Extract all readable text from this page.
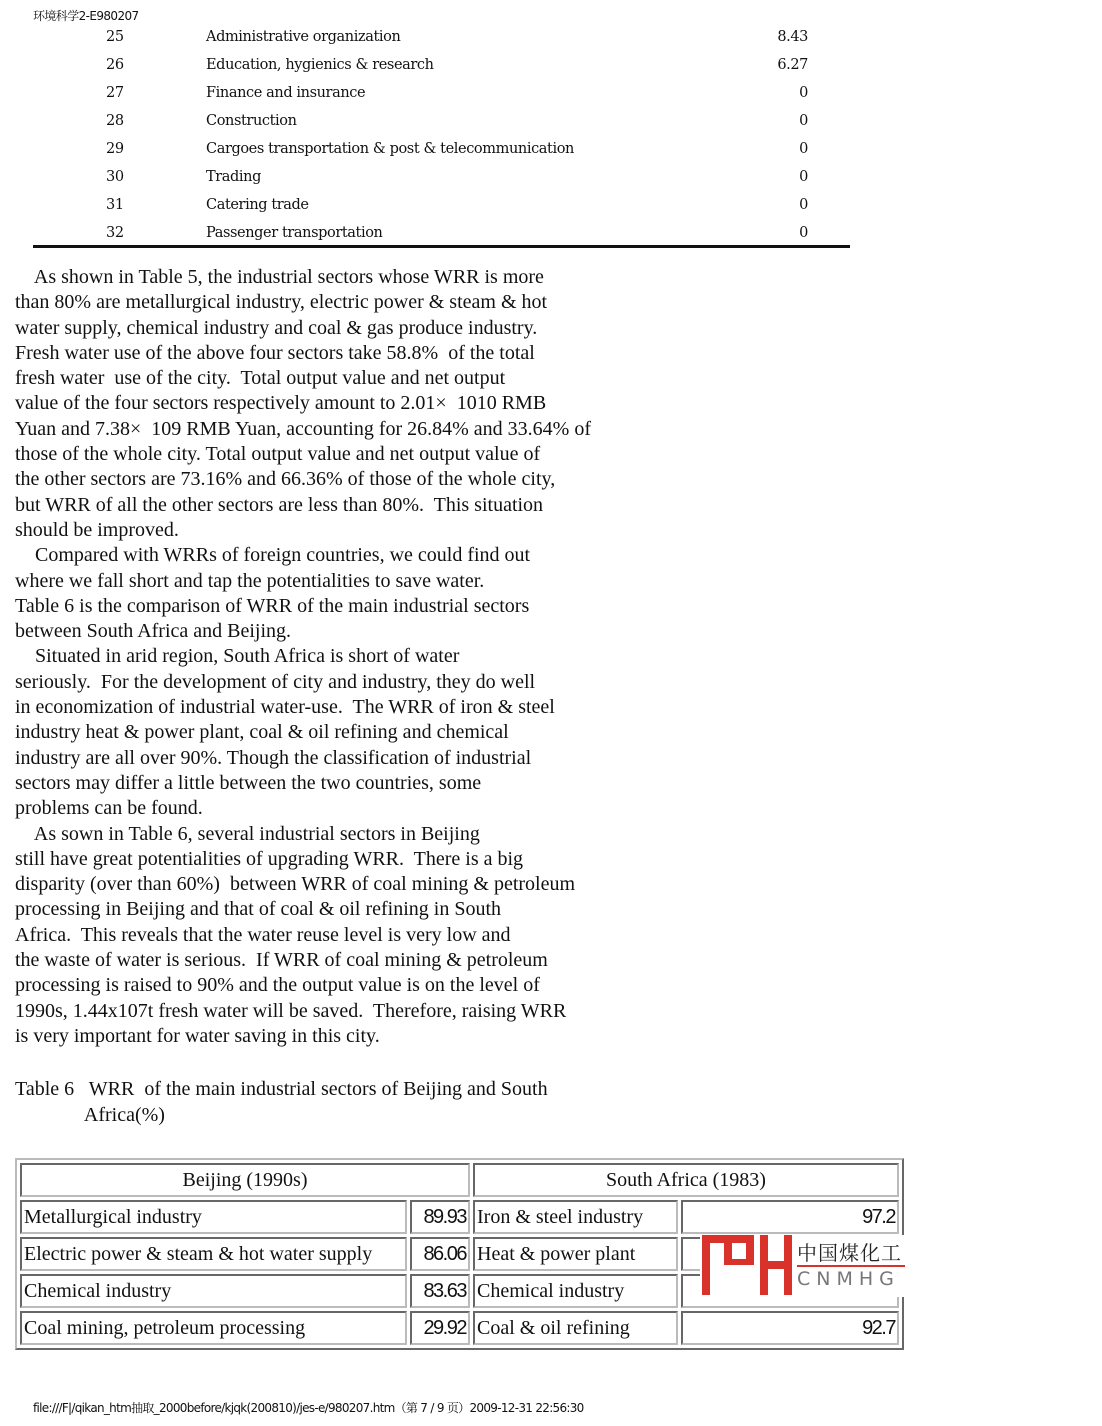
环境科学2-E980207
25	Administrative organization	8.43
26	Education, hygienics & research	6.27
27	Finance and insurance	0
28	Construction	0
29	Cargoes transportation & post & telecommunication	0
30	Trading	0
31	Catering trade	0
32	Passenger transportation	0
As shown in Table 5, the industrial sectors whose WRR is more
than 80% are metallurgical industry, electric power & steam & hot
water supply, chemical industry and coal & gas produce industry.
Fresh water use of the above four sectors take 58.8%  of the total
fresh water  use of the city.  Total output value and net output
value of the four sectors respectively amount to 2.01×  1010 RMB
Yuan and 7.38×  109 RMB Yuan, accounting for 26.84% and 33.64% of
those of the whole city. Total output value and net output value of
the other sectors are 73.16% and 66.36% of those of the whole city,
but WRR of all the other sectors are less than 80%.  This situation
should be improved.
Compared with WRRs of foreign countries, we could find out
where we fall short and tap the potentialities to save water.
Table 6 is the comparison of WRR of the main industrial sectors
between South Africa and Beijing.
Situated in arid region, South Africa is short of water
seriously.  For the development of city and industry, they do well
in economization of industrial water-use.  The WRR of iron & steel
industry heat & power plant, coal & oil refining and chemical
industry are all over 90%. Though the classification of industrial
sectors may differ a little between the two countries, some
problems can be found.
As sown in Table 6, several industrial sectors in Beijing
still have great potentialities of upgrading WRR.  There is a big
disparity (over than 60%)  between WRR of coal mining & petroleum
processing in Beijing and that of coal & oil refining in South
Africa.  This reveals that the water reuse level is very low and
the waste of water is serious.  If WRR of coal mining & petroleum
processing is raised to 90% and the output value is on the level of
1990s, 1.44x107t fresh water will be saved.  Therefore, raising WRR
is very important for water saving in this city.
Table 6   WRR  of the main industrial sectors of Beijing and South
Africa(%)
Beijing (1990s)		South Africa (1983)	
Metallurgical industry	89.93	Iron & steel industry	97.2
Electric power & steam & hot water supply	86.06	Heat & power plant	
Chemical industry	83.63	Chemical industry	
Coal mining, petroleum processing	29.92	Coal & oil refining	92.7
中国煤化工
CNMHG
file:///F|/qikan_htm抽取_2000before/kjqk(200810)/jes-e/980207.htm（第 7 / 9 页）2009-12-31 22:56:30
